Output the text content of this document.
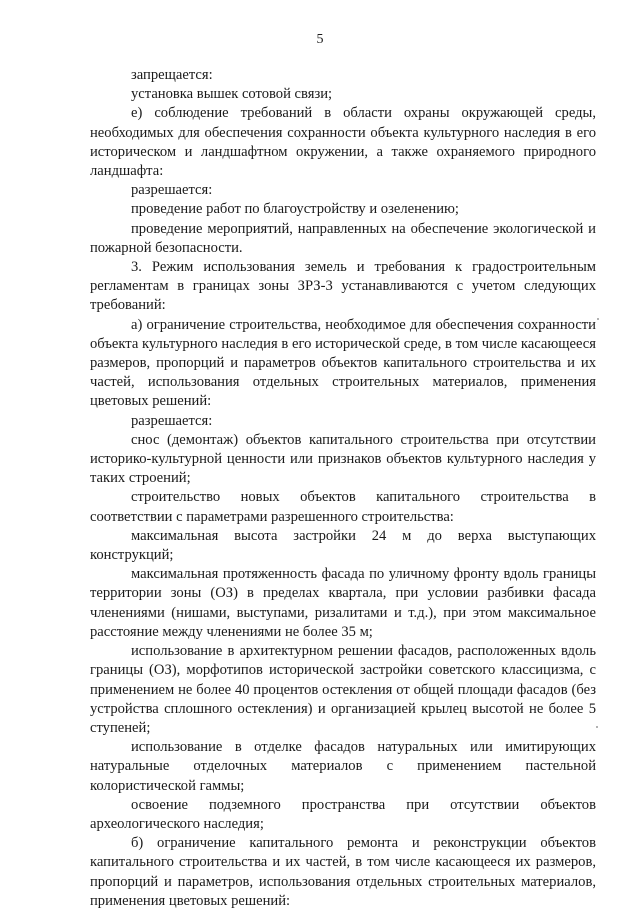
5

запрещается:

установка вышек сотовой связи;

е) соблюдение требований в области охраны окружающей среды, необходимых для обеспечения сохранности объекта культурного наследия в его историческом и ландшафтном окружении, а также охраняемого природного ландшафта:

разрешается:

проведение работ по благоустройству и озеленению;

проведение мероприятий, направленных на обеспечение экологической и пожарной безопасности.

3. Режим использования земель и требования к градостроительным регламентам в границах зоны ЗРЗ-3 устанавливаются с учетом следующих требований:

а) ограничение строительства, необходимое для обеспечения сохранности объекта культурного наследия в его исторической среде, в том числе касающееся размеров, пропорций и параметров объектов капитального строительства и их частей, использования отдельных строительных материалов, применения цветовых решений:

разрешается:

снос (демонтаж) объектов капитального строительства при отсутствии историко-культурной ценности или признаков объектов культурного наследия у таких строений;

строительство новых объектов капитального строительства в соответствии с параметрами разрешенного строительства:

максимальная высота застройки 24 м до верха выступающих конструкций;

максимальная протяженность фасада по уличному фронту вдоль границы территории зоны (ОЗ) в пределах квартала, при условии разбивки фасада членениями (нишами, выступами, ризалитами и т.д.), при этом максимальное расстояние между членениями не более 35 м;

использование в архитектурном решении фасадов, расположенных вдоль границы (ОЗ), морфотипов исторической застройки советского классицизма, с применением не более 40 процентов остекления от общей площади фасадов (без устройства сплошного остекления) и организацией крылец высотой не более 5 ступеней;

использование в отделке фасадов натуральных или имитирующих натуральные отделочных материалов с применением пастельной колористической гаммы;

освоение подземного пространства при отсутствии объектов археологического наследия;

б) ограничение капитального ремонта и реконструкции объектов капитального строительства и их частей, в том числе касающееся их размеров, пропорций и параметров, использования отдельных строительных материалов, применения цветовых решений:
